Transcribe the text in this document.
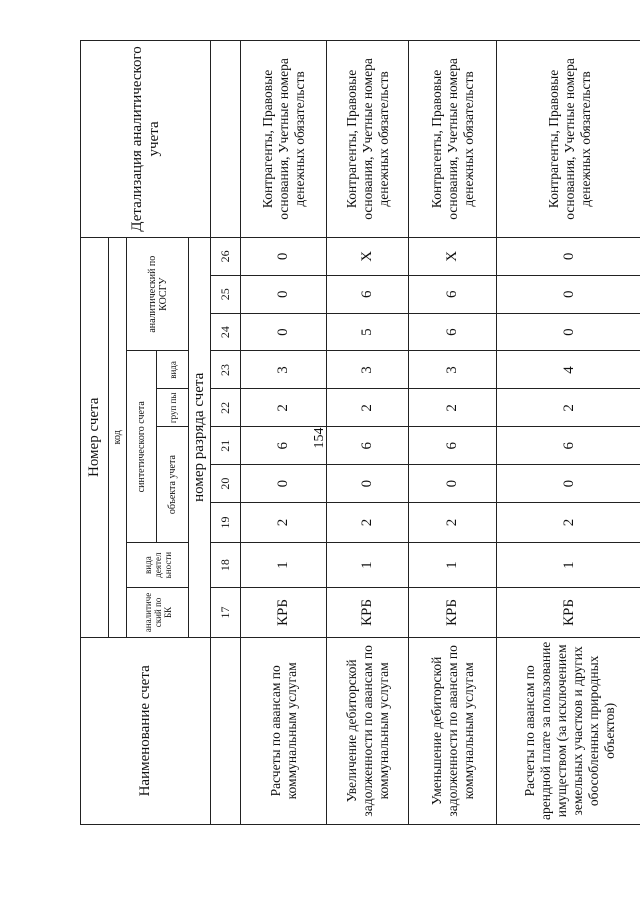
154
Наименование счета	Номер счета										Детализация аналитического учета
	код										
	аналитиче ский по БК	вида деятел ьности	синтетического счета					аналитический по КОСГУ			
			объекта учета			груп пы	вида				

	номер разряда счета										
	17	18	19	20	21	22	23	24	25	26	
Расчеты по авансам по коммунальным услугам	КРБ	1	2	0	6	2	3	0	0	0	Контрагенты, Правовые основания, Учетные номера денежных обязательств
Увеличение дебиторской задолженности по авансам по коммунальным услугам	КРБ	1	2	0	6	2	3	5	6	Х	Контрагенты, Правовые основания, Учетные номера денежных обязательств
Уменьшение дебиторской задолженности по авансам по коммунальным услугам	КРБ	1	2	0	6	2	3	6	6	Х	Контрагенты, Правовые основания, Учетные номера денежных обязательств
Расчеты по авансам по арендной плате за пользование имуществом (за исключением земельных участков и других обособленных природных объектов)	КРБ	1	2	0	6	2	4	0	0	0	Контрагенты, Правовые основания, Учетные номера денежных обязательств
